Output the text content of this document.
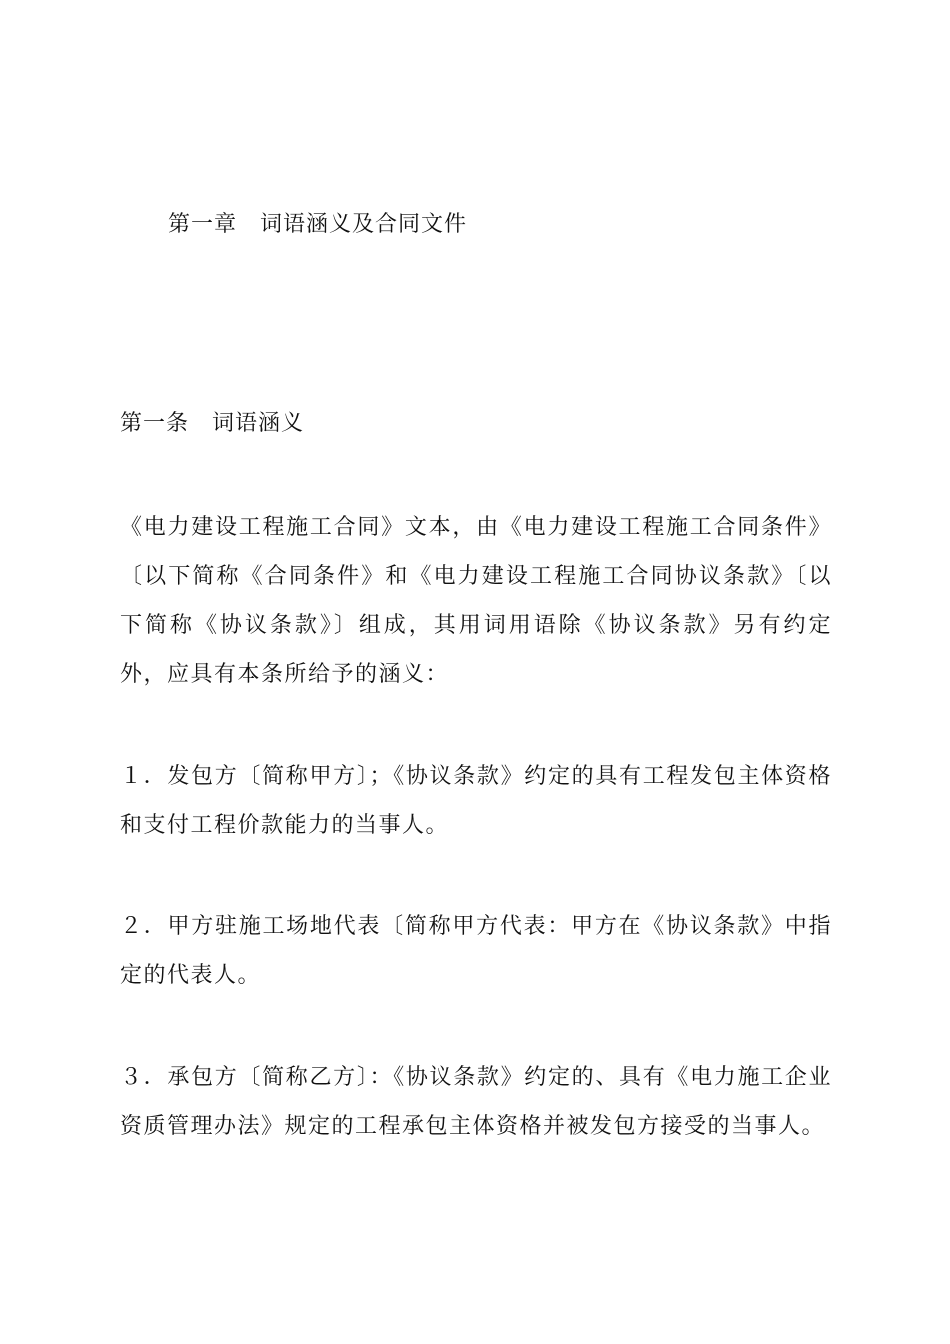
第一章　词语涵义及合同文件
第一条　词语涵义

《电力建设工程施工合同》文本，由《电力建设工程施工合同条件》〔以下简称《合同条件》和《电力建设工程施工合同协议条款》〔以下简称《协议条款》〕组成，其用词用语除《协议条款》另有约定外，应具有本条所给予的涵义：

１．发包方〔简称甲方〕；《协议条款》约定的具有工程发包主体资格和支付工程价款能力的当事人。

２．甲方驻施工场地代表〔简称甲方代表：甲方在《协议条款》中指定的代表人。

３．承包方〔简称乙方〕：《协议条款》约定的、具有《电力施工企业资质管理办法》规定的工程承包主体资格并被发包方接受的当事人。
